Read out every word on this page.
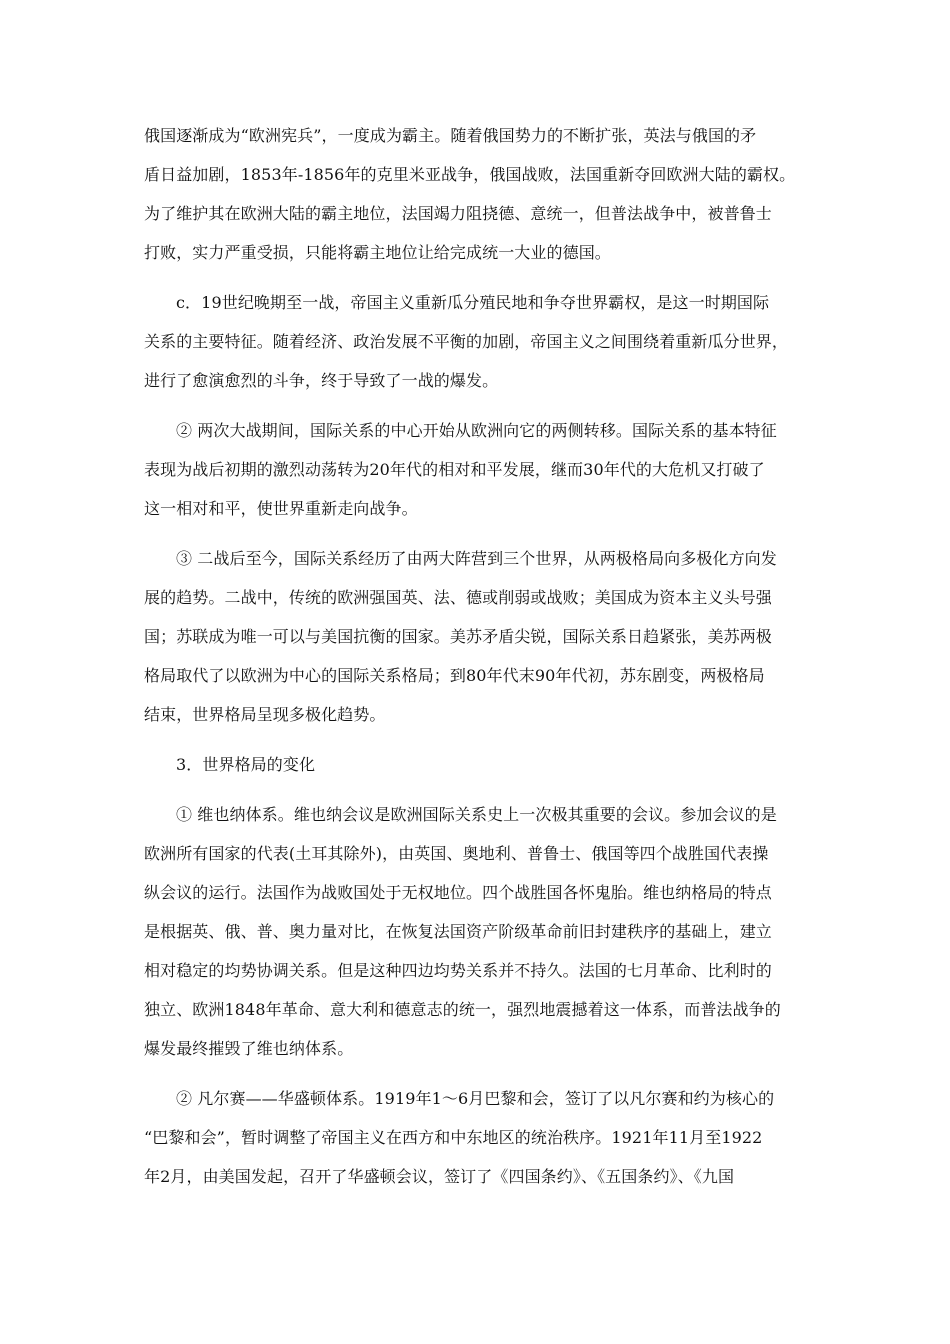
俄国逐渐成为“欧洲宪兵”，一度成为霸主。随着俄国势力的不断扩张，英法与俄国的矛
盾日益加剧，1853年-1856年的克里米亚战争，俄国战败，法国重新夺回欧洲大陆的霸权。
为了维护其在欧洲大陆的霸主地位，法国竭力阻挠德、意统一，但普法战争中，被普鲁士
打败，实力严重受损，只能将霸主地位让给完成统一大业的德国。

c．19世纪晚期至一战，帝国主义重新瓜分殖民地和争夺世界霸权，是这一时期国际
关系的主要特征。随着经济、政治发展不平衡的加剧，帝国主义之间围绕着重新瓜分世界，
进行了愈演愈烈的斗争，终于导致了一战的爆发。

② 两次大战期间，国际关系的中心开始从欧洲向它的两侧转移。国际关系的基本特征
表现为战后初期的激烈动荡转为20年代的相对和平发展，继而30年代的大危机又打破了
这一相对和平，使世界重新走向战争。

③ 二战后至今，国际关系经历了由两大阵营到三个世界，从两极格局向多极化方向发
展的趋势。二战中，传统的欧洲强国英、法、德或削弱或战败；美国成为资本主义头号强
国；苏联成为唯一可以与美国抗衡的国家。美苏矛盾尖锐，国际关系日趋紧张，美苏两极
格局取代了以欧洲为中心的国际关系格局；到80年代末90年代初，苏东剧变，两极格局
结束，世界格局呈现多极化趋势。

3．世界格局的变化

① 维也纳体系。维也纳会议是欧洲国际关系史上一次极其重要的会议。参加会议的是
欧洲所有国家的代表(土耳其除外)，由英国、奥地利、普鲁士、俄国等四个战胜国代表操
纵会议的运行。法国作为战败国处于无权地位。四个战胜国各怀鬼胎。维也纳格局的特点
是根据英、俄、普、奥力量对比，在恢复法国资产阶级革命前旧封建秩序的基础上，建立
相对稳定的均势协调关系。但是这种四边均势关系并不持久。法国的七月革命、比利时的
独立、欧洲1848年革命、意大利和德意志的统一，强烈地震撼着这一体系，而普法战争的
爆发最终摧毁了维也纳体系。

② 凡尔赛——华盛顿体系。1919年1～6月巴黎和会，签订了以凡尔赛和约为核心的
“巴黎和会”，暂时调整了帝国主义在西方和中东地区的统治秩序。1921年11月至1922
年2月，由美国发起，召开了华盛顿会议，签订了《四国条约》、《五国条约》、《九国
